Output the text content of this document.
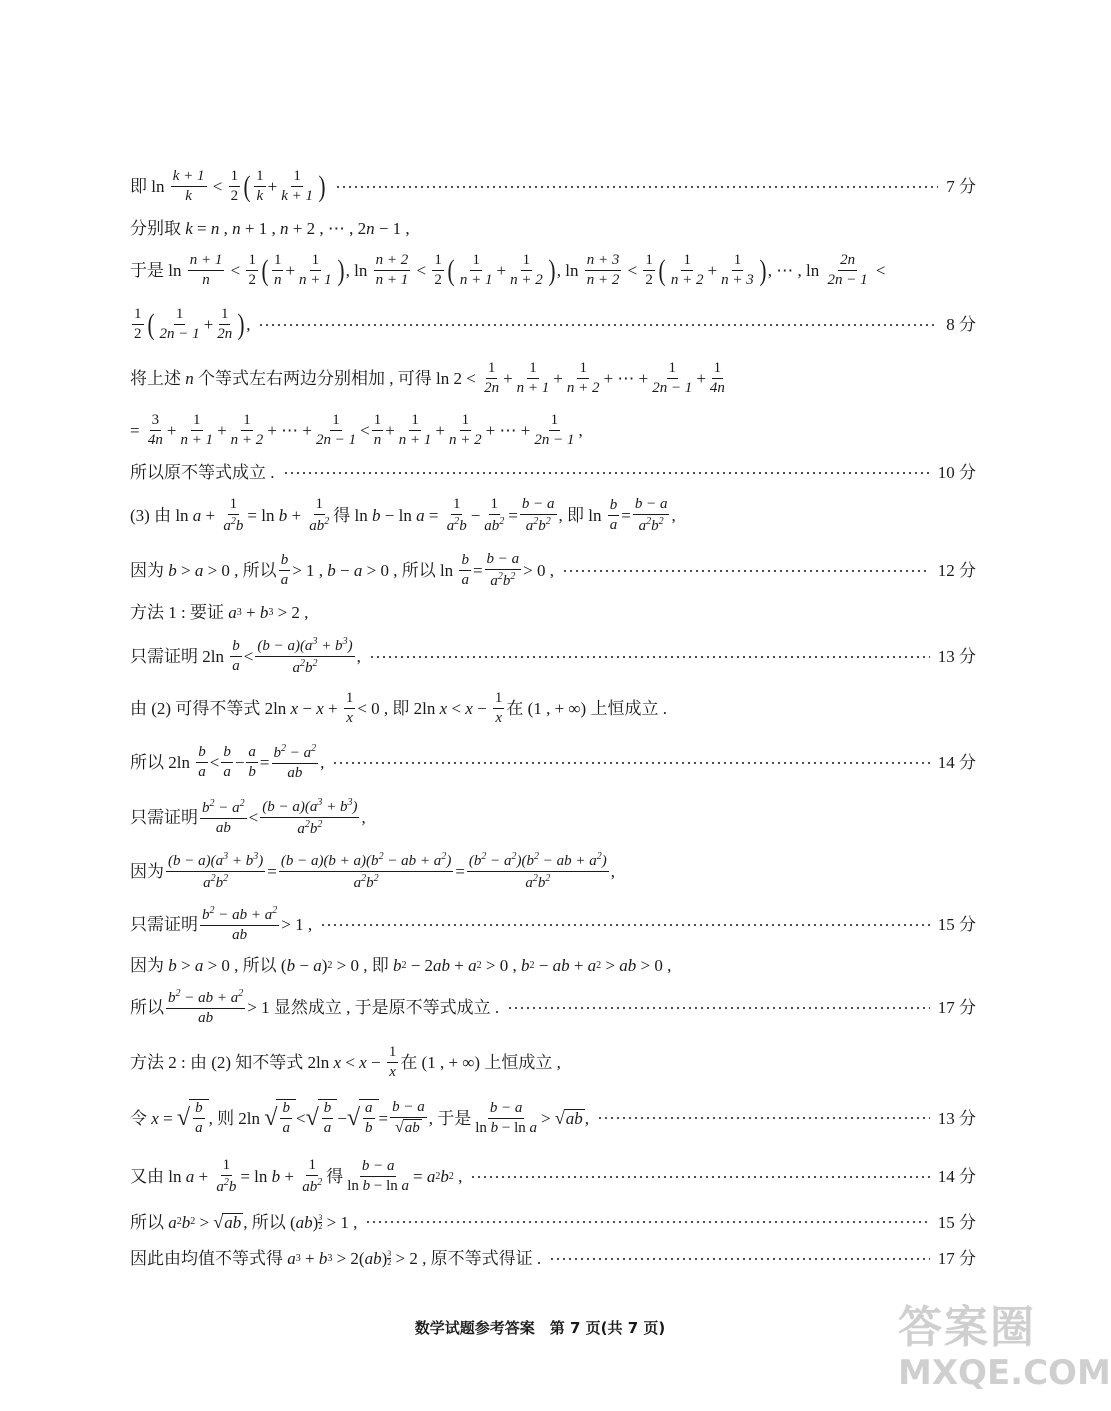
即 ln
k + 1
k <
1
2 ( 1
k +
1
k + 1 )	7 分
分别取 k = n , n + 1 , n + 2 , ⋯ , 2 n − 1 ,
于是 ln
n + 1
n <
1
2 ( 1
n +
1
n + 1 ) , ln
n + 2
n + 1 <
1
2 ( 1
n + 1 +
1
n + 2 ) , ln
n + 3
n + 2 <
1
2 ( 1
n + 2 +
1
n + 3 ) , ⋯ , ln
2n
2n − 1 <
1
2 ( 1
2n − 1 +
1
2n ) ,	8 分
将上述 n 个等式左右两边分别相加 , 可得 ln 2 <
1
2n +
1
n + 1 +
1
n + 2 + ⋯ +
1
2n − 1 +
1
4n
=
3
4n +
1
n + 1 +
1
n + 2 + ⋯ +
1
2n − 1 <
1
n +
1
n + 1 +
1
n + 2 + ⋯ +
1
2n − 1 ,
所以原不等式成立 .	10 分
(3) 由 ln a +
1
$a^2b$
= ln b +
1
$ab^2$ 得 ln b − ln a =
1
$a^2b$
−
1
$ab^2$ =
b − a
$a^2b^2$ , 即 ln
b
a =
b − a
$a^2b^2$ ,
因为 b > a > 0 , 所以
b
a > 1 , b − a > 0 , 所以 ln
b
a =
b − a
$a^2b^2 > 0$ ,	12 分
方法 1 : 要证 a 3 + b 3 > 2 ,
只需证明 2ln
b
a <
$(b - a)(a^3 + b^3)$
$a^2b^2$ ,	13 分
由 (2) 可得不等式 2ln x − x +
1
x < 0 , 即 2ln x < x −
1
x 在 (1 , + ∞) 上恒成立 .
所以 2ln
b
a <
b
a −
a
b =
$b^2 - a^2$
ab
,	14 分
只需证明
$b^2 - a^2$
ab
<
$(b - a)(a^3 + b^3)$
$a^2b^2$ ,
因为
$(b - a)(a^3 + b^3)$
$a^2b^2$ =
$(b - a)(b + a)(b^2$ − ab + $a^2$)
$a^2b^2$	=
$(b^2 - a^2)(b^2$ − ab + $a^2$)
$a^2b^2$	,
只需证明
$b^2$ − ab + $a^2$
ab
> 1 ,	15 分
因为 b > a > 0 , 所以 ( b − a ) 2 > 0 , 即 b 2 − 2 ab + a 2 > 0 , b 2 − ab + a 2 > ab > 0 ,
所以
$b^2$ − ab + $a^2$
ab
> 1 显然成立 , 于是原不等式成立 .	17 分
方法 2 : 由 (2) 知不等式 2ln x < x −
1
x 在 (1 , + ∞) 上恒成立 ,
令 x = √ b
a
, 则 2ln √ b
a
< √ b
a
− √ a
b
=
b − a
√ ab
, 于是
b − a
ln b − ln a > √ ab ,	13 分
又由 ln a +
1
$a^2b$
= ln b +
1
$ab^2$ 得
b − a
ln b − ln a = a 2 b 2 ,	14 分
所以 a 2 b 2 > √ ab , 所以 ( ab ) 3
2 > 1 ,	15 分
因此由均值不等式得 a 3 + b 3 > 2( ab ) 3
2 > 2 , 原不等式得证 .	17 分
数学试题参考答案　第 7 页(共 7 页)	答案圈
MXQE.COM
